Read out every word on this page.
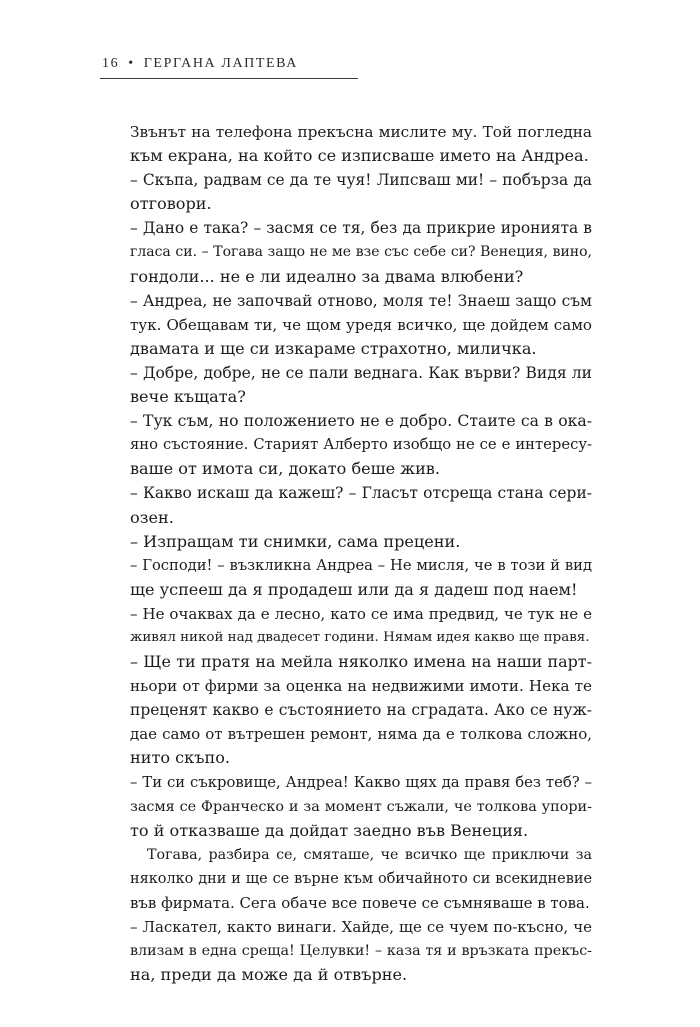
16 • ГЕРГАНА ЛАПТЕВА
Звънът на телефона прекъсна мислите му. Той погледна
към екрана, на който се изписваше името на Андреа.
– Скъпа, радвам се да те чуя! Липсваш ми! – побърза да
отговори.
– Дано е така? – засмя се тя, без да прикрие иронията в
гласа си. – Тогава защо не ме взе със себе си? Венеция, вино,
гондоли... не е ли идеално за двама влюбени?
– Андреа, не започвай отново, моля те! Знаеш защо съм
тук. Обещавам ти, че щом уредя всичко, ще дойдем само
двамата и ще си изкараме страхотно, миличка.
– Добре, добре, не се пали веднага. Как върви? Видя ли
вече къщата?
– Тук съм, но положението не е добро. Стаите са в ока-
яно състояние. Старият Алберто изобщо не се е интересу-
ваше от имота си, докато беше жив.
– Какво искаш да кажеш? – Гласът отсреща стана сери-
озен.
– Изпращам ти снимки, сама прецени.
– Господи! – възкликна Андреа – Не мисля, че в този й вид
ще успееш да я продадеш или да я дадеш под наем!
– Не очаквах да е лесно, като се има предвид, че тук не е
живял никой над двадесет години. Нямам идея какво ще правя.
– Ще ти пратя на мейла няколко имена на наши парт-
ньори от фирми за оценка на недвижими имоти. Нека те
преценят какво е състоянието на сградата. Ако се нуж-
дае само от вътрешен ремонт, няма да е толкова сложно,
нито скъпо.
– Ти си съкровище, Андреа! Какво щях да правя без теб? –
засмя се Франческо и за момент съжали, че толкова упори-
то й отказваше да дойдат заедно във Венеция.
Тогава, разбира се, смяташе, че всичко ще приключи за
няколко дни и ще се върне към обичайното си всекидневие
във фирмата. Сега обаче все повече се съмняваше в това.
– Ласкател, както винаги. Хайде, ще се чуем по-късно, че
влизам в една среща! Целувки! – каза тя и връзката прекъс-
на, преди да може да й отвърне.
